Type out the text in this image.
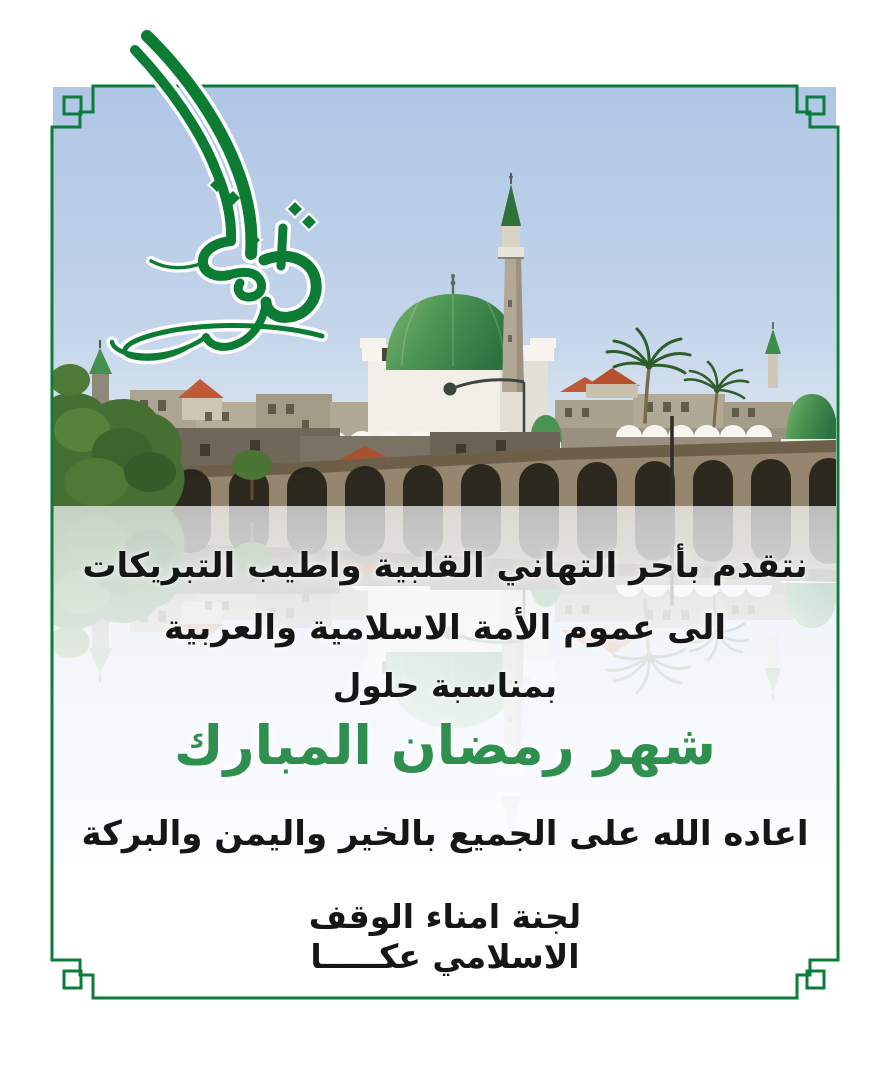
نتقدم بأحر التهاني القلبية واطيب التبريكات
الى عموم الأمة الاسلامية والعربية
بمناسبة حلول
شهر رمضان المبارك
اعاده الله على الجميع بالخير واليمن والبركة
لجنة امناء الوقف
الاسلامي عكـــــا
